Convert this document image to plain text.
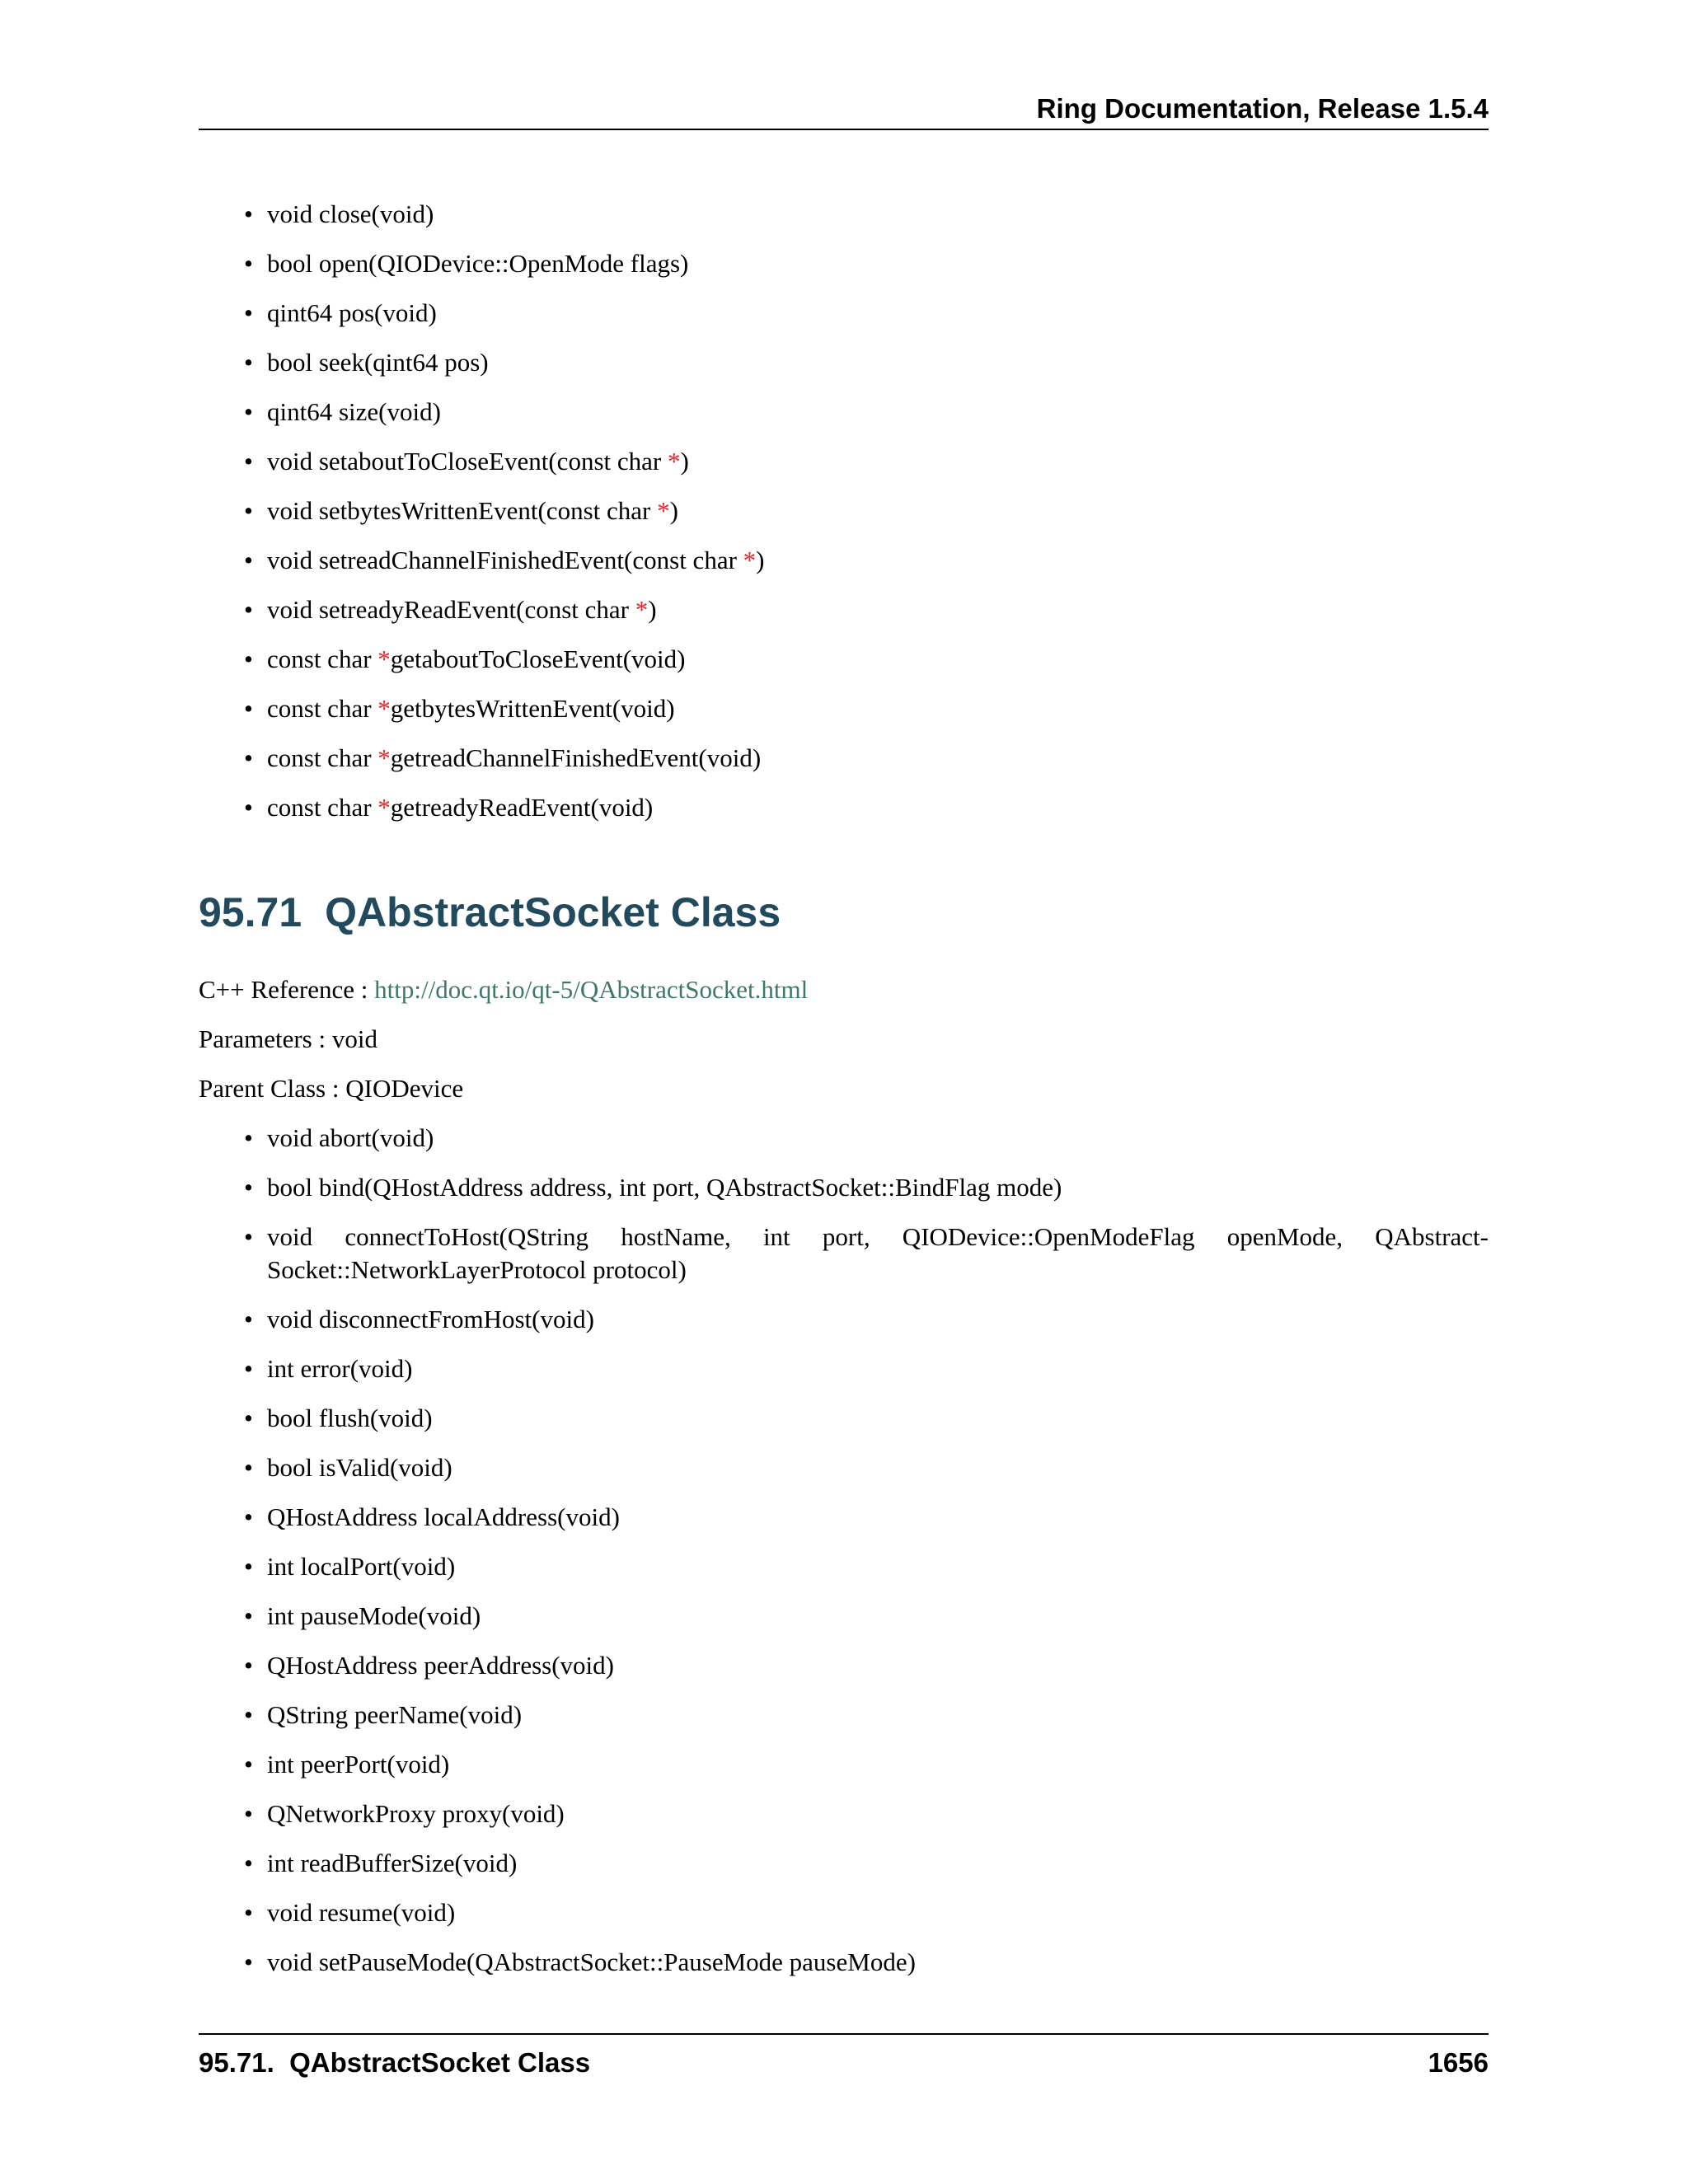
Ring Documentation, Release 1.5.4
• void close(void)
• bool open(QIODevice::OpenMode flags)
• qint64 pos(void)
• bool seek(qint64 pos)
• qint64 size(void)
• void setaboutToCloseEvent(const char *)
• void setbytesWrittenEvent(const char *)
• void setreadChannelFinishedEvent(const char *)
• void setreadyReadEvent(const char *)
• const char *getaboutToCloseEvent(void)
• const char *getbytesWrittenEvent(void)
• const char *getreadChannelFinishedEvent(void)
• const char *getreadyReadEvent(void)
95.71 QAbstractSocket Class
C++ Reference : http://doc.qt.io/qt-5/QAbstractSocket.html
Parameters : void
Parent Class : QIODevice
• void abort(void)
• bool bind(QHostAddress address, int port, QAbstractSocket::BindFlag mode)
• void connectToHost(QString hostName, int port, QIODevice::OpenModeFlag openMode, QAbstract-Socket::NetworkLayerProtocol protocol)
• void disconnectFromHost(void)
• int error(void)
• bool flush(void)
• bool isValid(void)
• QHostAddress localAddress(void)
• int localPort(void)
• int pauseMode(void)
• QHostAddress peerAddress(void)
• QString peerName(void)
• int peerPort(void)
• QNetworkProxy proxy(void)
• int readBufferSize(void)
• void resume(void)
• void setPauseMode(QAbstractSocket::PauseMode pauseMode)
95.71.  QAbstractSocket Class	1656
